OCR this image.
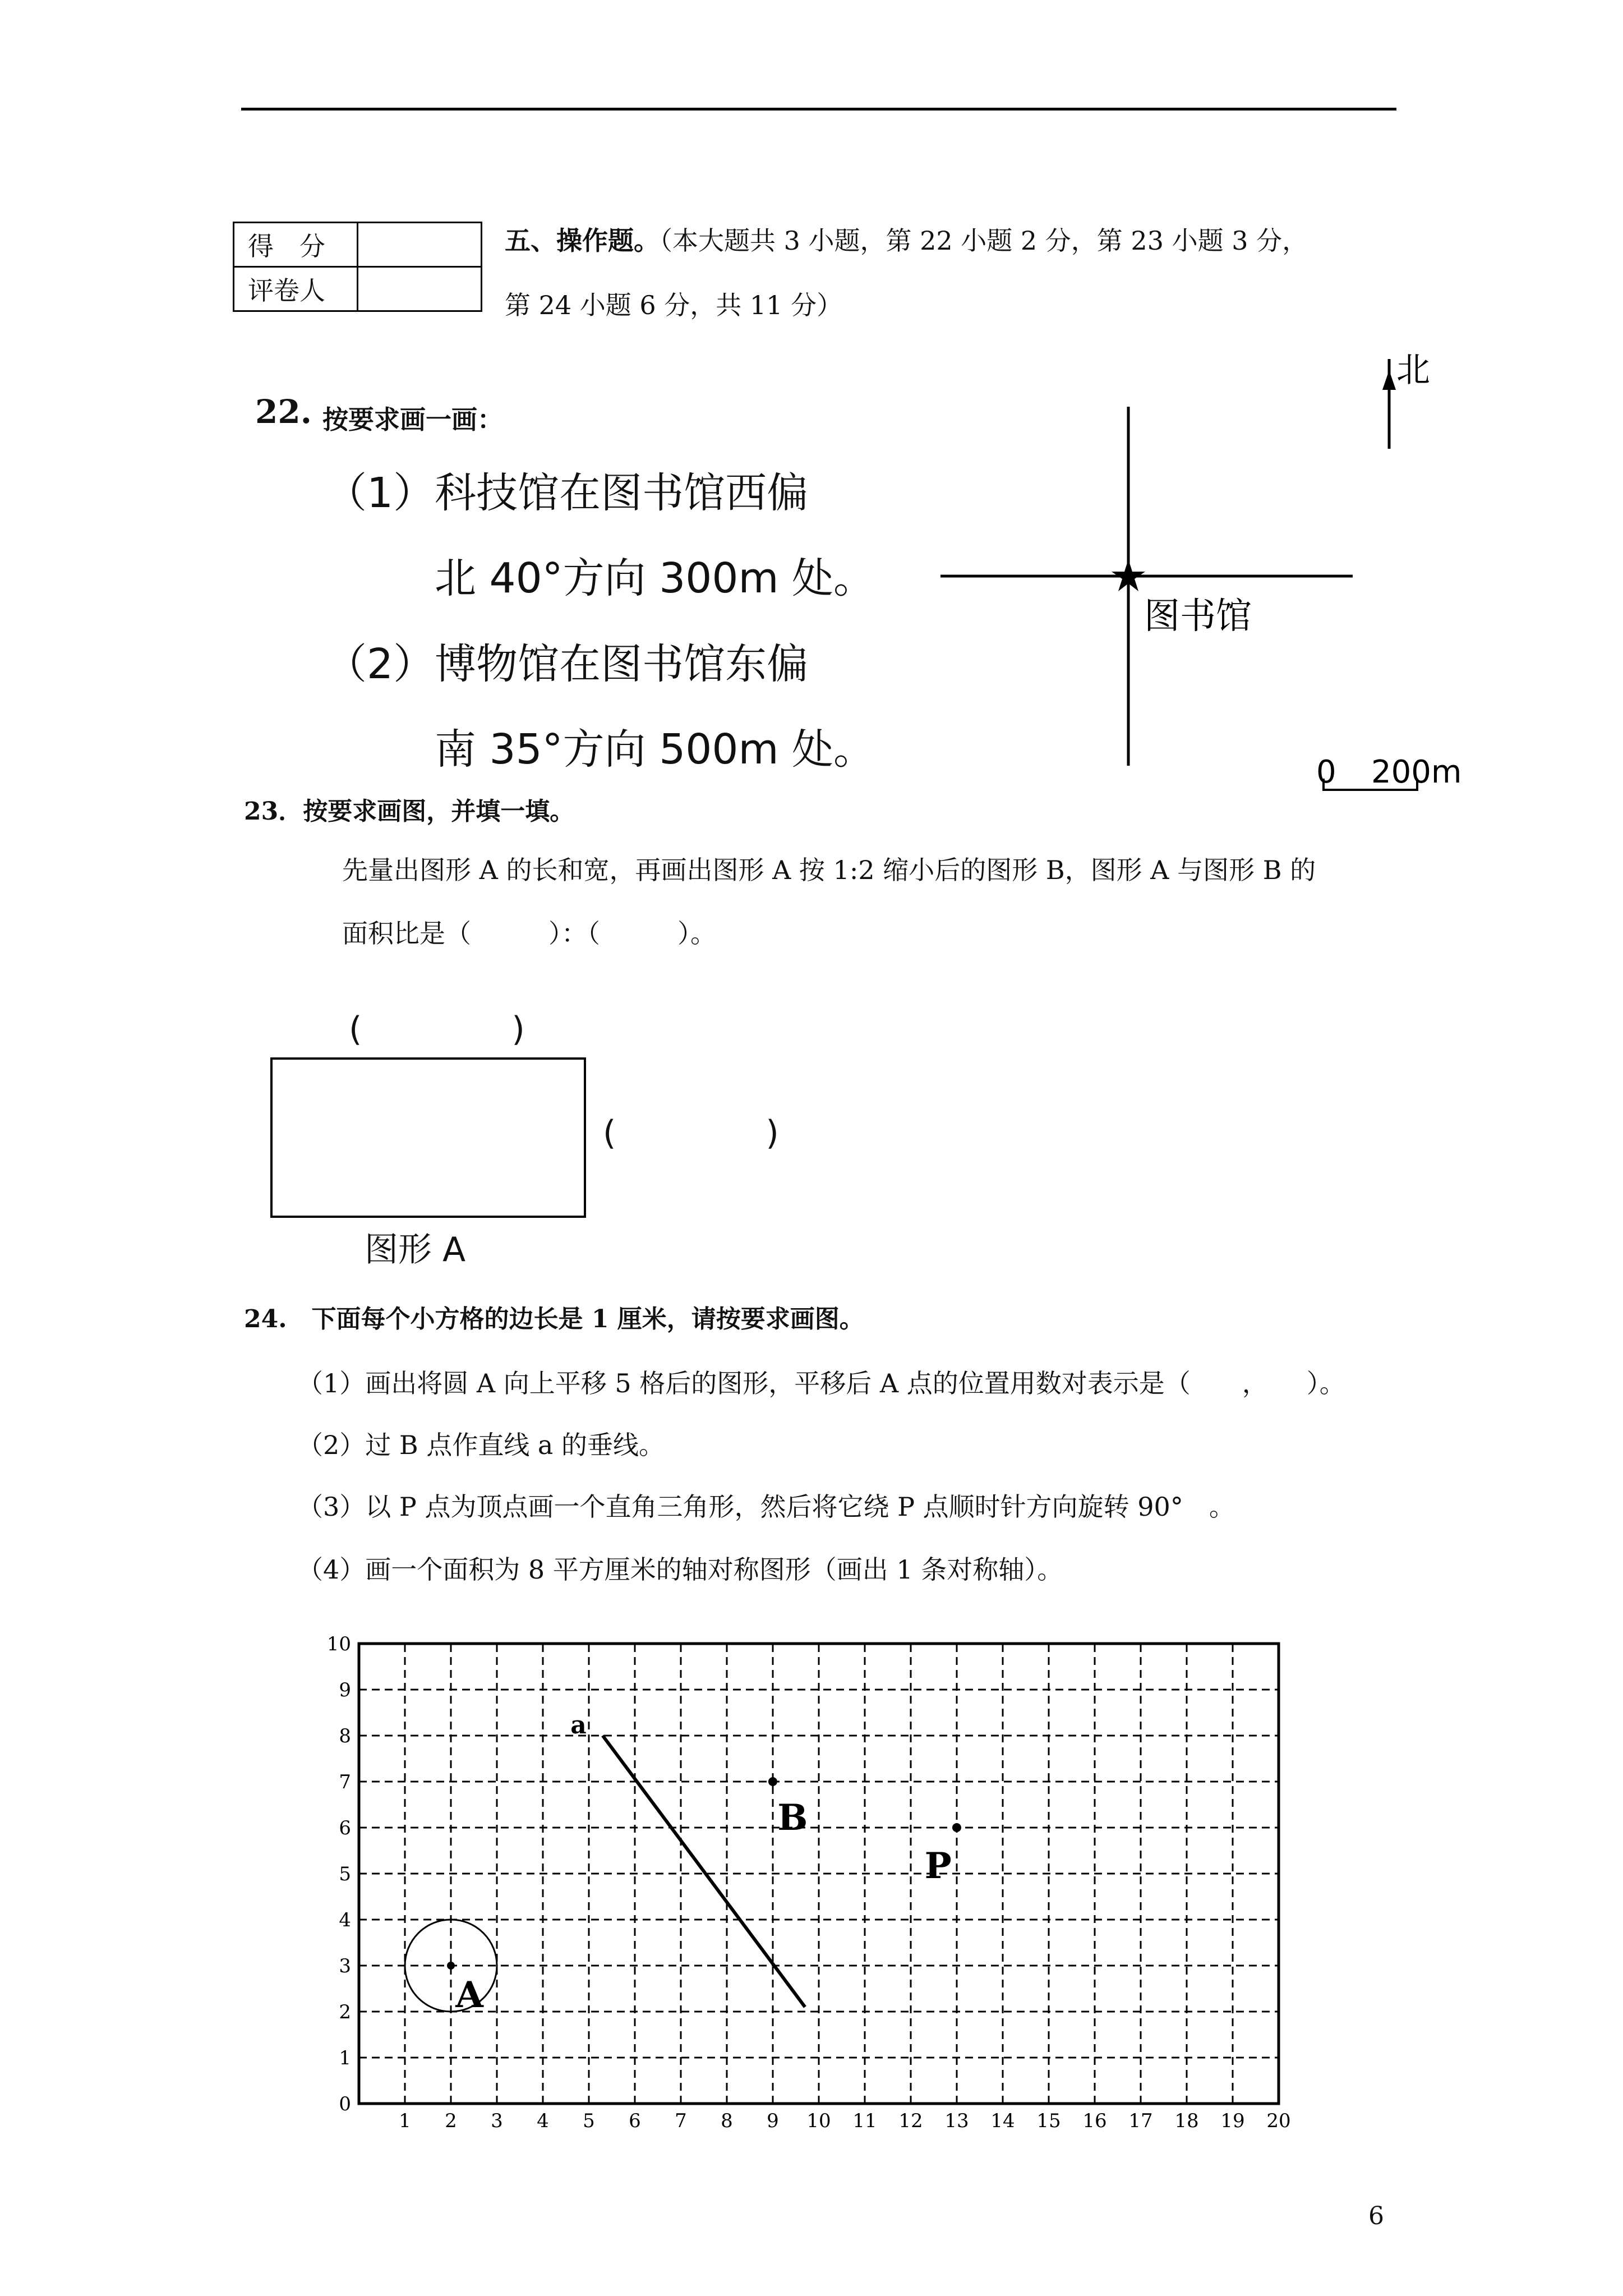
得　分	
评卷人	
五、操作题。（本大题共 3 小题，第 22 小题 2 分，第 23 小题 3 分，
第 24 小题 6 分，共 11 分）
22. 按要求画一画：
（1）科技馆在图书馆西偏
北 40°方向 300m 处。
（2）博物馆在图书馆东偏
南 35°方向 500m 处。
图书馆
北
0 200m
23．按要求画图，并填一填。
先量出图形 A 的长和宽，再画出图形 A 按 1:2 缩小后的图形 B，图形 A 与图形 B 的
面积比是（　　　）：（　　　）。
(              )
(              )
图形 A
24.　下面每个小方格的边长是 1 厘米，请按要求画图。
（1）画出将圆 A 向上平移 5 格后的图形，平移后 A 点的位置用数对表示是（　　，　　）。
（2）过 B 点作直线 a 的垂线。
（3）以 P 点为顶点画一个直角三角形，然后将它绕 P 点顺时针方向旋转 90°　。
（4）画一个面积为 8 平方厘米的轴对称图形（画出 1 条对称轴）。
1 2 3 4 5 6 7 8 9 10 11 12 13 14 15 16 17 18 19 20
0
1
2
3
4
5
6
7
8
9
10
A
a
B
P
6
